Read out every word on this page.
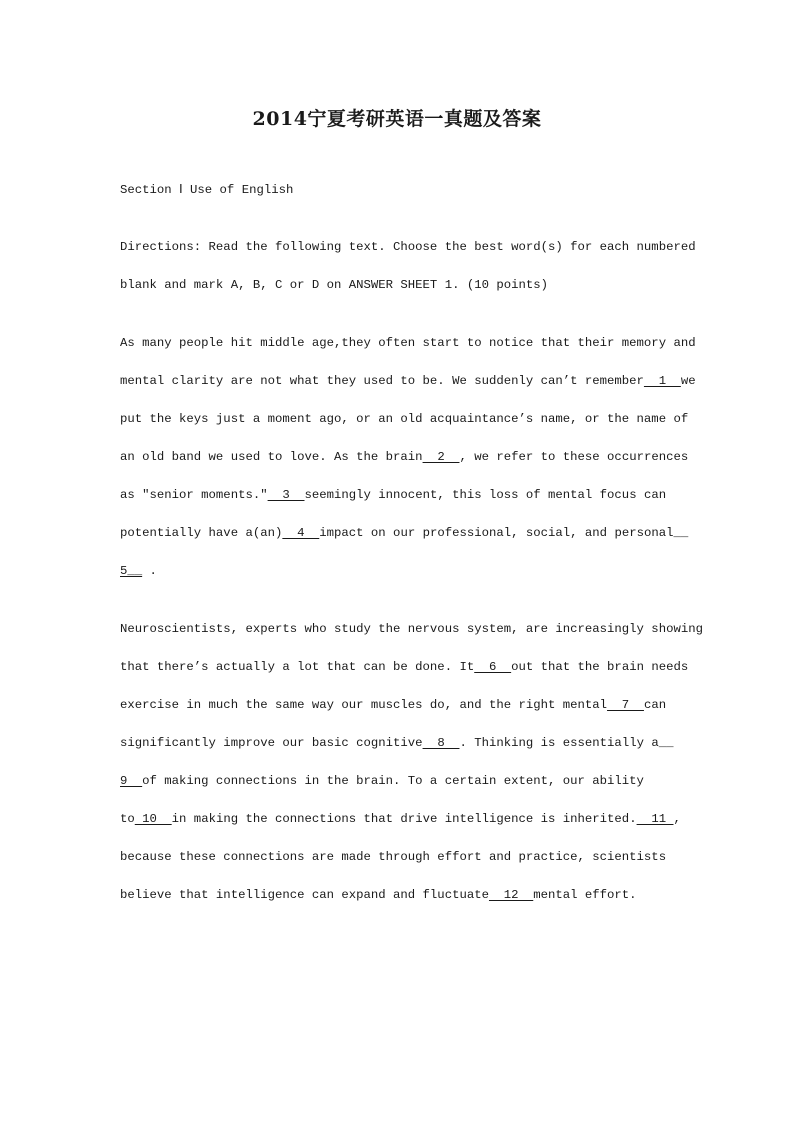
2014宁夏考研英语一真题及答案
Section Ⅰ Use of English
Directions: Read the following text. Choose the best word(s) for each numbered
blank and mark A, B, C or D on ANSWER SHEET 1. (10 points)
As many people hit middle age,they often start to notice that their memory and
mental clarity are not what they used to be. We suddenly can’t remember  1  we
put the keys just a moment ago, or an old acquaintance’s name, or the name of
an old band we used to love. As the brain  2  , we refer to these occurrences
as ″senior moments.″  3  seemingly innocent, this loss of mental focus can
potentially have a(an)  4  impact on our professional, social, and personal__
5__ .
Neuroscientists, experts who study the nervous system, are increasingly showing
that there’s actually a lot that can be done. It  6  out that the brain needs
exercise in much the same way our muscles do, and the right mental  7  can
significantly improve our basic cognitive  8  . Thinking is essentially a__
9  of making connections in the brain. To a certain extent, our ability
to 10  in making the connections that drive intelligence is inherited.  11 ,
because these connections are made through effort and practice, scientists
believe that intelligence can expand and fluctuate  12  mental effort.
